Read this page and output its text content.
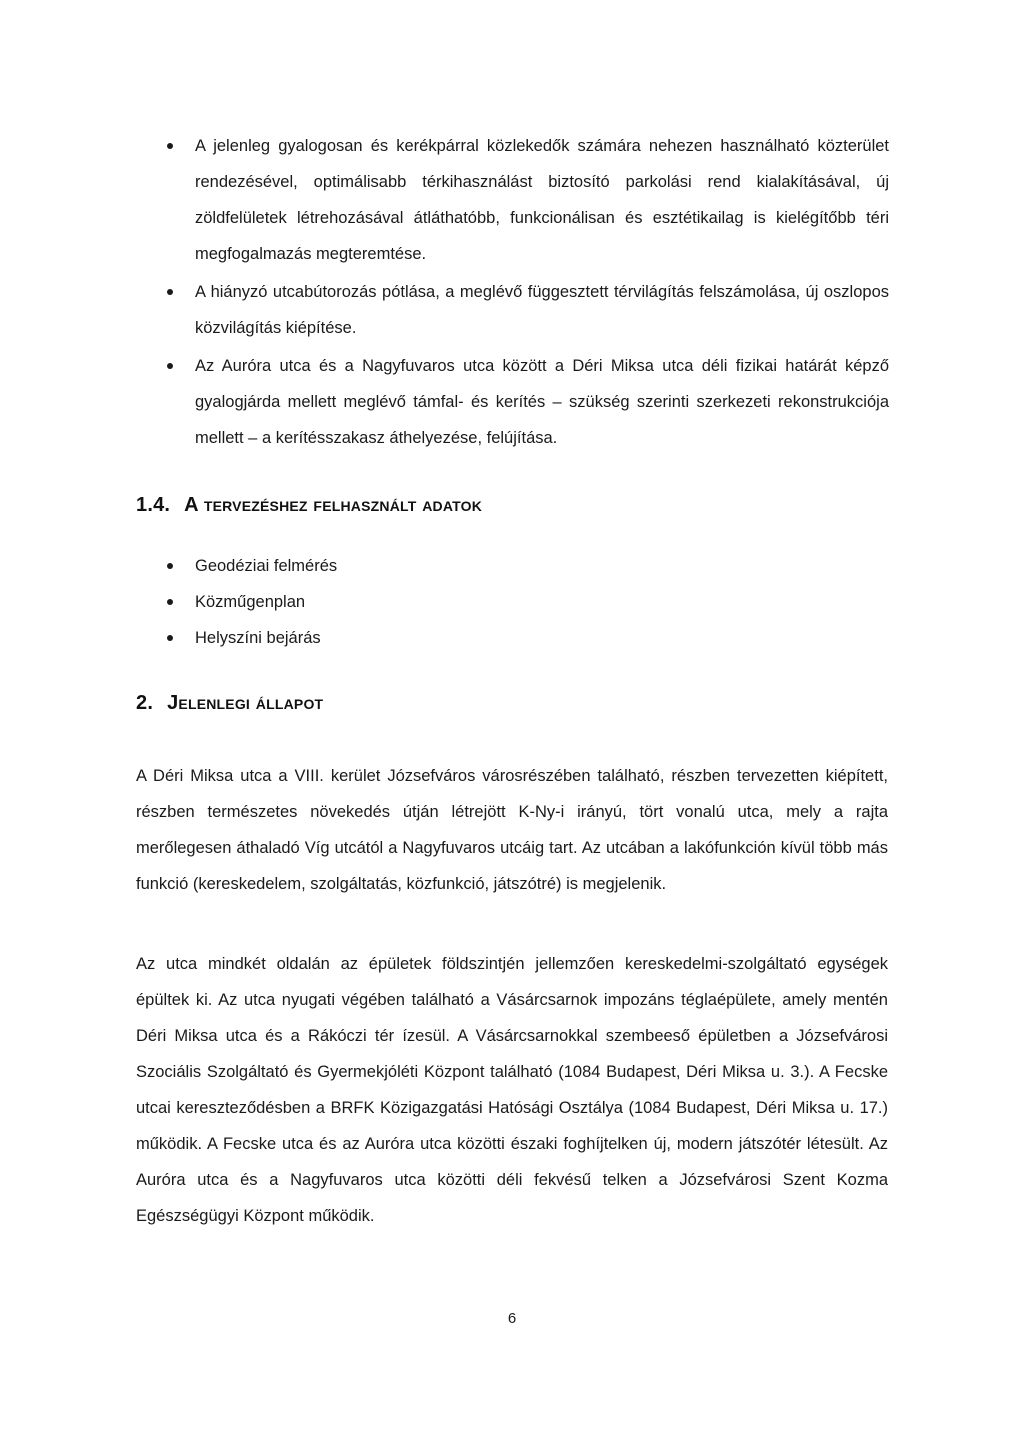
A jelenleg gyalogosan és kerékpárral közlekedők számára nehezen használható közterület rendezésével, optimálisabb térkihasználást biztosító parkolási rend kialakításával, új zöldfelületek létrehozásával átláthatóbb, funkcionálisan és esztétikailag is kielégítőbb téri megfogalmazás megteremtése.
A hiányzó utcabútorozás pótlása, a meglévő függesztett térvilágítás felszámolása, új oszlopos közvilágítás kiépítése.
Az Auróra utca és a Nagyfuvaros utca között a Déri Miksa utca déli fizikai határát képző gyalogjárda mellett meglévő támfal- és kerítés – szükség szerinti szerkezeti rekonstrukciója mellett – a kerítésszakasz áthelyezése, felújítása.
1.4. A tervezéshez felhasznált adatok
Geodéziai felmérés
Közműgenplan
Helyszíni bejárás
2. Jelenlegi állapot

A Déri Miksa utca a VIII. kerület Józsefváros városrészében található, részben tervezetten kiépített, részben természetes növekedés útján létrejött K-Ny-i irányú, tört vonalú utca, mely a rajta merőlegesen áthaladó Víg utcától a Nagyfuvaros utcáig tart. Az utcában a lakófunkción kívül több más funkció (kereskedelem, szolgáltatás, közfunkció, játszótré) is megjelenik.

Az utca mindkét oldalán az épületek földszintjén jellemzően kereskedelmi-szolgáltató egységek épültek ki. Az utca nyugati végében található a Vásárcsarnok impozáns téglaépülete, amely mentén Déri Miksa utca és a Rákóczi tér ízesül. A Vásárcsarnokkal szembeeső épületben a Józsefvárosi Szociális Szolgáltató és Gyermekjóléti Központ található (1084 Budapest, Déri Miksa u. 3.). A Fecske utcai kereszteződésben a BRFK Közigazgatási Hatósági Osztálya (1084 Budapest, Déri Miksa u. 17.) működik. A Fecske utca és az Auróra utca közötti északi foghíjtelken új, modern játszótér létesült. Az Auróra utca és a Nagyfuvaros utca közötti déli fekvésű telken a Józsefvárosi Szent Kozma Egészségügyi Központ működik.

6
